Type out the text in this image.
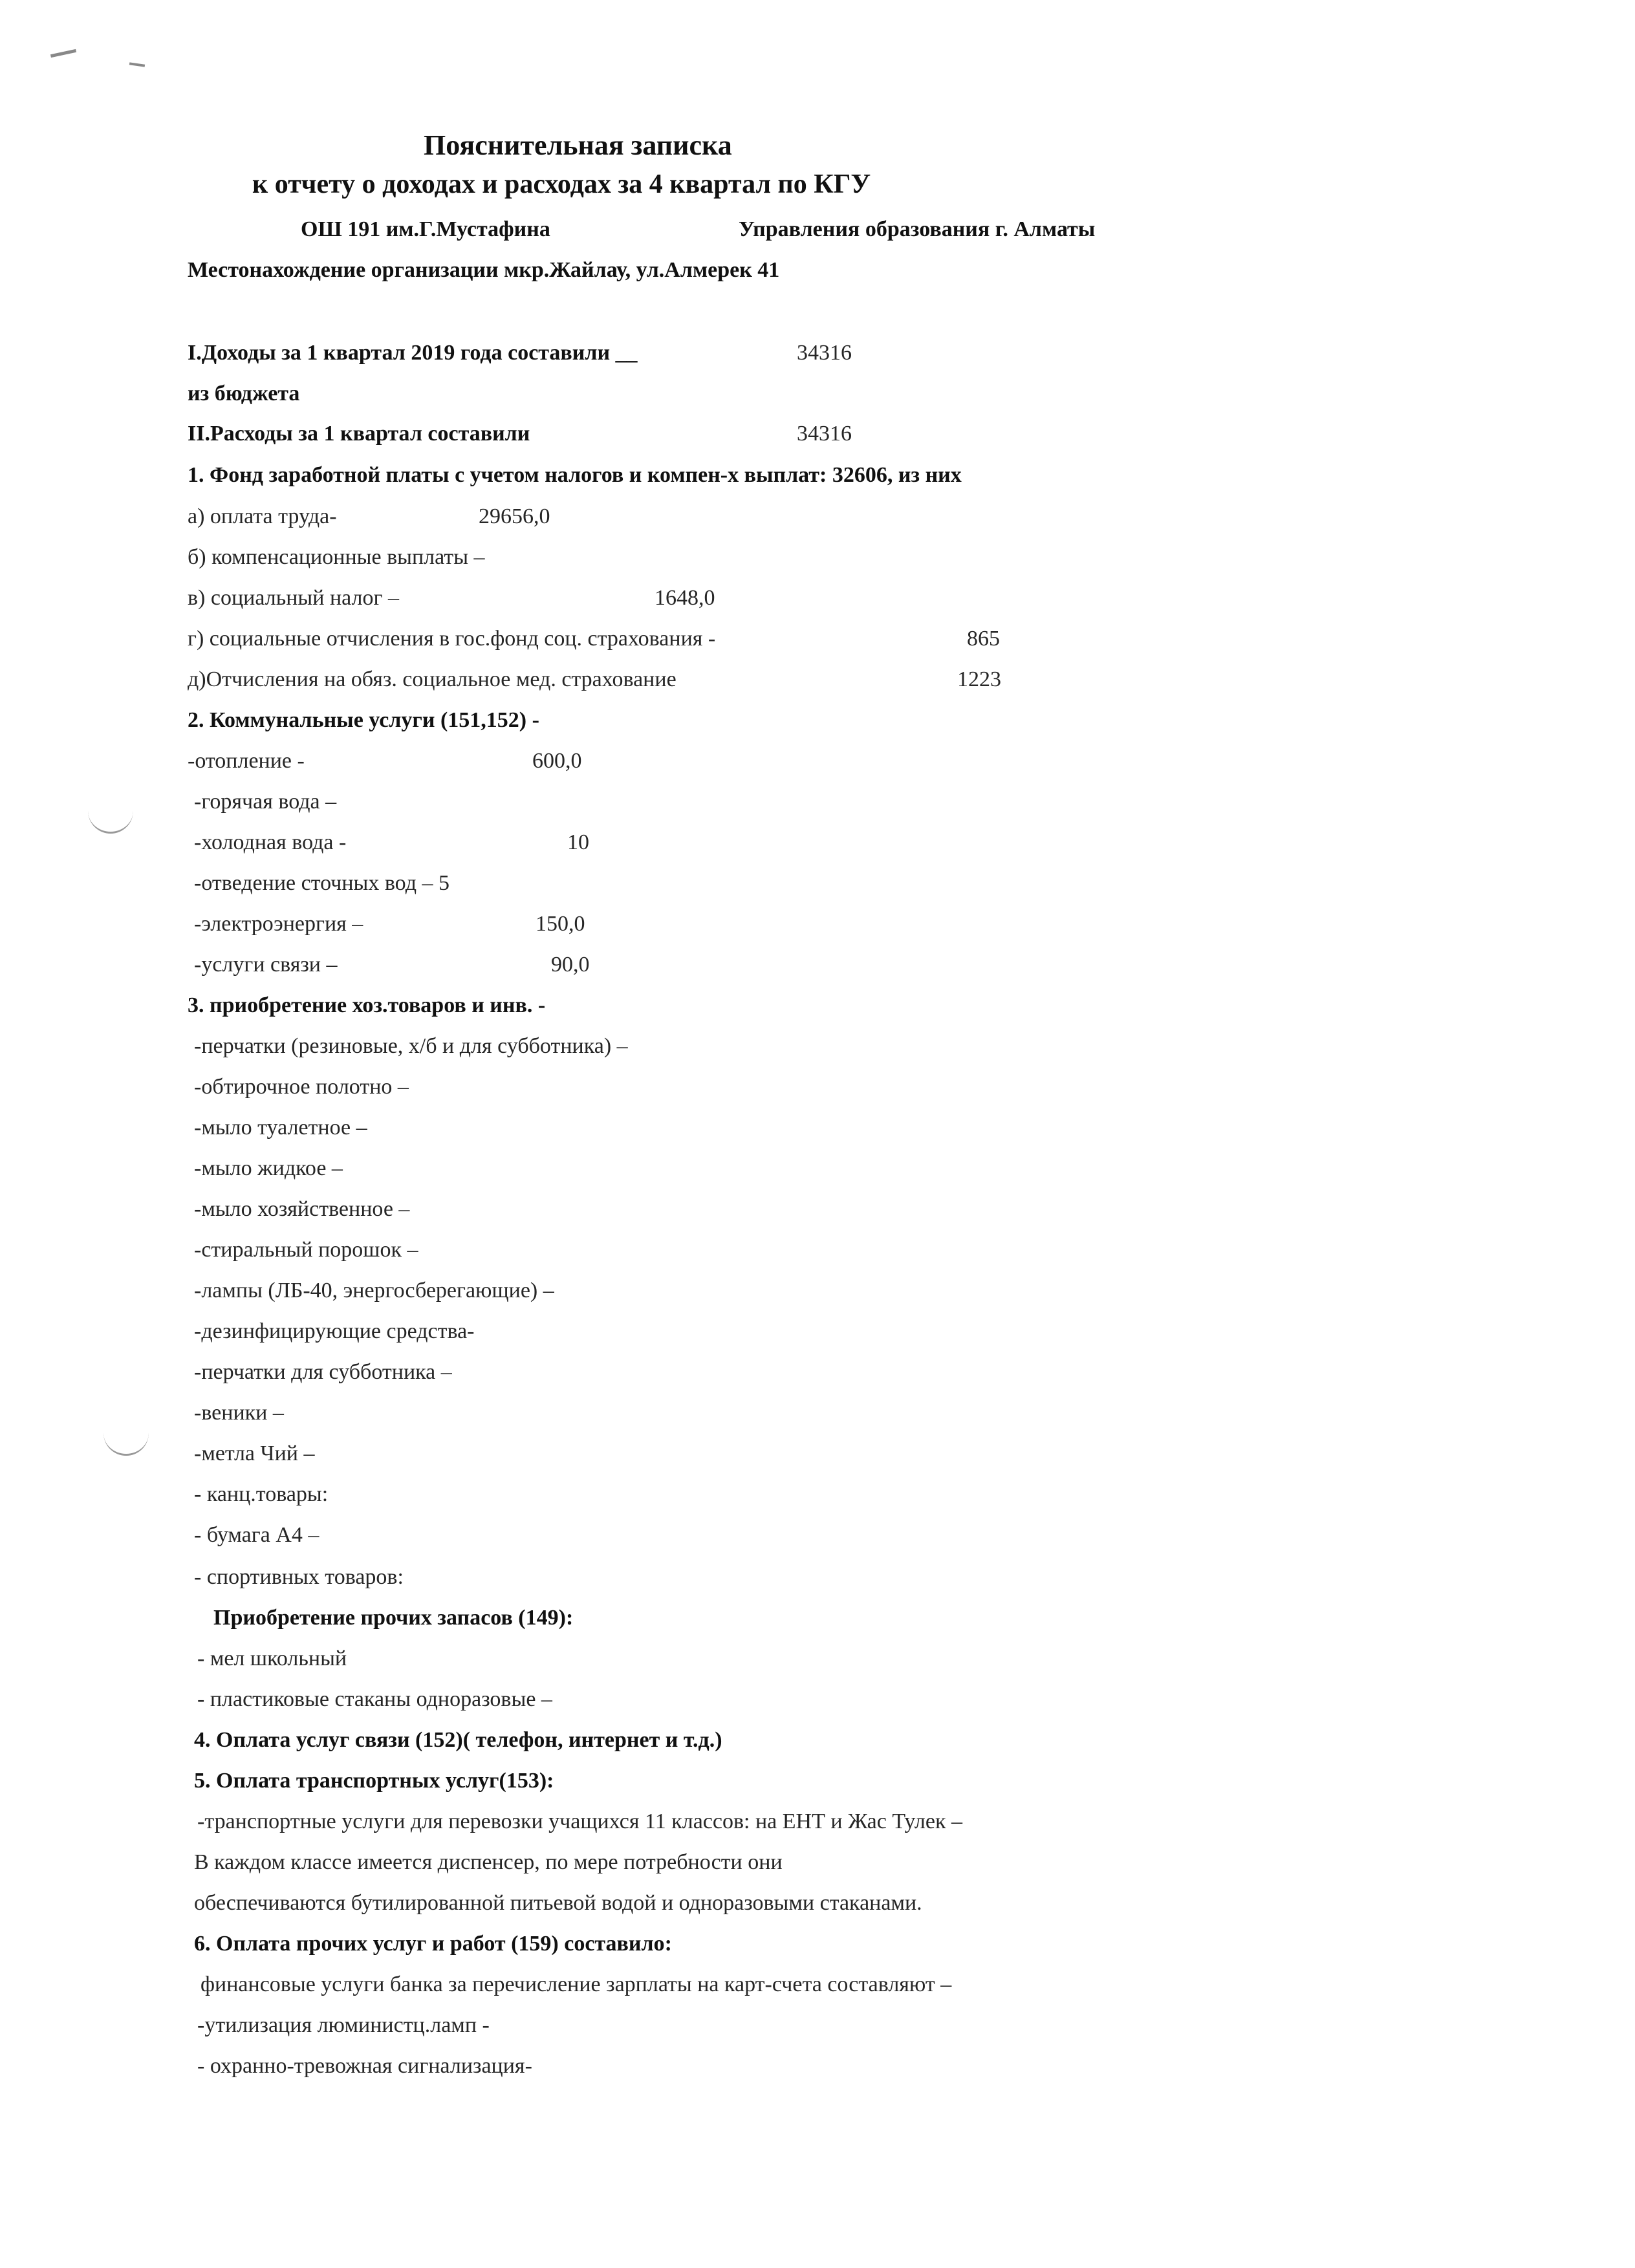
Пояснительная записка
к отчету о доходах и расходах за 4 квартал по КГУ
ОШ 191 им.Г.Мустафина	Управления образования г. Алматы
Местонахождение организации мкр.Жайлау, ул.Алмерек 41
I.Доходы за 1 квартал 2019 года составили __	34316
из бюджета
II.Расходы за 1 квартал составили	34316
1. Фонд заработной платы с учетом налогов и компен-х выплат: 32606, из них
а) оплата труда-	29656,0
б) компенсационные выплаты –
в) социальный налог –	1648,0
г) социальные отчисления в гос.фонд соц. страхования -	865
д)Отчисления на обяз. социальное мед. страхование	1223
2. Коммунальные услуги (151,152) -
-отопление -	600,0
-горячая вода –
-холодная вода -	10
-отведение сточных вод – 5
-электроэнергия –	150,0
-услуги связи –	90,0
3. приобретение хоз.товаров и инв. -
-перчатки (резиновые, х/б и для субботника) –
-обтирочное полотно –
-мыло туалетное –
-мыло жидкое –
-мыло хозяйственное –
-стиральный порошок –
-лампы (ЛБ-40, энергосберегающие) –
-дезинфицирующие средства-
-перчатки для субботника –
-веники –
-метла Чий –
- канц.товары:
- бумага А4 –
- спортивных товаров:
Приобретение прочих запасов (149):
- мел школьный
- пластиковые стаканы одноразовые –
4. Оплата услуг связи (152)( телефон, интернет и т.д.)
5. Оплата транспортных услуг(153):
-транспортные услуги для перевозки учащихся 11 классов: на ЕНТ и Жас Тулек –
В каждом классе имеется диспенсер, по мере потребности они
обеспечиваются бутилированной питьевой водой и одноразовыми стаканами.
6. Оплата прочих услуг и работ (159) составило:
финансовые услуги банка за перечисление зарплаты на карт-счета составляют –
-утилизация люминистц.ламп -
- охранно-тревожная сигнализация-
